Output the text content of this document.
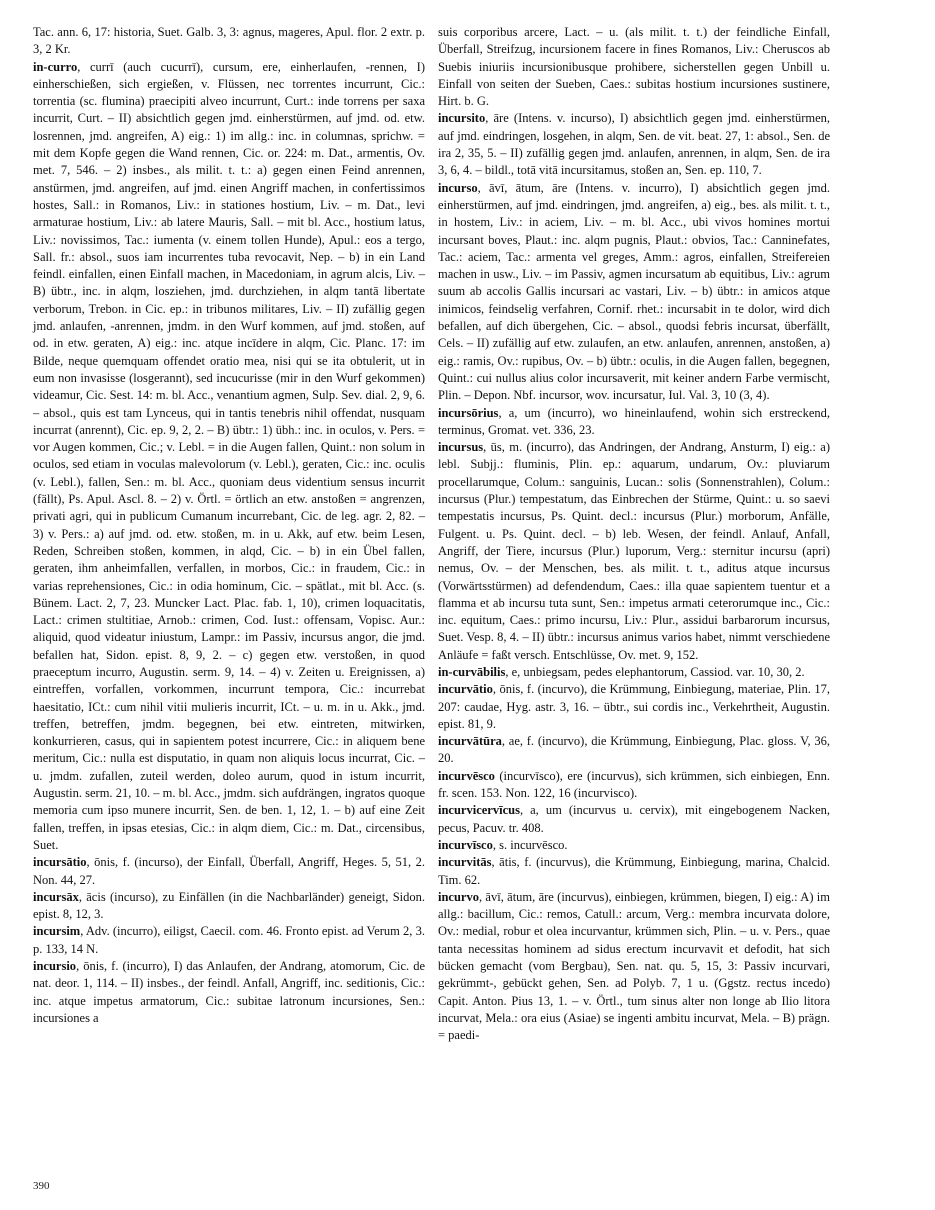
Tac. ann. 6, 17: historia, Suet. Galb. 3, 3: agnus, mageres, Apul. flor. 2 extr. p. 3, 2 Kr.

in-curro, currī (auch cucurrī), cursum, ere, einherlaufen, -rennen, I) einherschießen, sich ergießen, v. Flüssen, nec torrentes incurrunt, Cic.: torrentia (sc. flumina) praecipiti alveo incurrunt, Curt.: inde torrens per saxa incurrit, Curt. – II) absichtlich gegen jmd. einherstürmen, auf jmd. od. etw. losrennen, jmd. angreifen, A) eig.: 1) im allg.: inc. in columnas, sprichw. = mit dem Kopfe gegen die Wand rennen, Cic. or. 224: m. Dat., armentis, Ov. met. 7, 546. – 2) insbes., als milit. t. t.: a) gegen einen Feind anrennen, anstürmen, jmd. angreifen, auf jmd. einen Angriff machen, in confertissimos hostes, Sall.: in Romanos, Liv.: in stationes hostium, Liv. – m. Dat., levi armaturae hostium, Liv.: ab latere Mauris, Sall. – mit bl. Acc., hostium latus, Liv.: novissimos, Tac.: iumenta (v. einem tollen Hunde), Apul.: eos a tergo, Sall. fr.: absol., suos iam incurrentes tuba revocavit, Nep. – b) in ein Land feindl. einfallen, einen Einfall machen, in Macedoniam, in agrum alcis, Liv. – B) übtr., inc. in alqm, losziehen, jmd. durchziehen, in alqm tantā libertate verborum, Trebon. in Cic. ep.: in tribunos militares, Liv. – II) zufällig gegen jmd. anlaufen, -anrennen, jmdm. in den Wurf kommen, auf jmd. stoßen, auf od. in etw. geraten, A) eig.: inc. atque incīdere in alqm, Cic. Planc. 17: im Bilde, neque quemquam offendet oratio mea, nisi qui se ita obtulerit, ut in eum non invasisse (losgerannt), sed incucurisse (mir in den Wurf gekommen) videamur, Cic. Sest. 14: m. bl. Acc., venantium agmen, Sulp. Sev. dial. 2, 9, 6. – absol., quis est tam Lynceus, qui in tantis tenebris nihil offendat, nusquam incurrat (anrennt), Cic. ep. 9, 2, 2. – B) übtr.: 1) übh.: inc. in oculos, v. Pers. = vor Augen kommen, Cic.; v. Lebl. = in die Augen fallen, Quint.: non solum in oculos, sed etiam in voculas malevolorum (v. Lebl.), geraten, Cic.: inc. oculis (v. Lebl.), fallen, Sen.: m. bl. Acc., quoniam deus videntium sensus incurrit (fällt), Ps. Apul. Ascl. 8. – 2) v. Örtl. = örtlich an etw. anstoßen = angrenzen, privati agri, qui in publicum Cumanum incurrebant, Cic. de leg. agr. 2, 82. – 3) v. Pers.: a) auf jmd. od. etw. stoßen, m. in u. Akk, auf etw. beim Lesen, Reden, Schreiben stoßen, kommen, in alqd, Cic. – b) in ein Übel fallen, geraten, ihm anheimfallen, verfallen, in morbos, Cic.: in fraudem, Cic.: in varias reprehensiones, Cic.: in odia hominum, Cic. – spätlat., mit bl. Acc. (s. Bünem. Lact. 2, 7, 23. Muncker Lact. Plac. fab. 1, 10), crimen loquacitatis, Lact.: crimen stultitiae, Arnob.: crimen, Cod. Iust.: offensam, Vopisc. Aur.: aliquid, quod videatur iniustum, Lampr.: im Passiv, incursus angor, die jmd. befallen hat, Sidon. epist. 8, 9, 2. – c) gegen etw. verstoßen, in quod praeceptum incurro, Augustin. serm. 9, 14. – 4) v. Zeiten u. Ereignissen, a) eintreffen, vorfallen, vorkommen, incurrunt tempora, Cic.: incurrebat haesitatio, ICt.: cum nihil vitii mulieris incurrit, ICt. – u. m. in u. Akk., jmd. treffen, betreffen, jmdm. begegnen, bei etw. eintreten, mitwirken, konkurrieren, casus, qui in sapientem potest incurrere, Cic.: in aliquem bene meritum, Cic.: nulla est disputatio, in quam non aliquis locus incurrat, Cic. – u. jmdm. zufallen, zuteil werden, doleo aurum, quod in istum incurrit, Augustin. serm. 21, 10. – m. bl. Acc., jmdm. sich aufdrängen, ingratos quoque memoria cum ipso munere incurrit, Sen. de ben. 1, 12, 1. – b) auf eine Zeit fallen, treffen, in ipsas etesias, Cic.: in alqm diem, Cic.: m. Dat., circensibus, Suet.

incursātio, ōnis, f. (incurso), der Einfall, Überfall, Angriff, Heges. 5, 51, 2. Non. 44, 27.

incursāx, ācis (incurso), zu Einfällen (in die Nachbarländer) geneigt, Sidon. epist. 8, 12, 3.

incursim, Adv. (incurro), eiligst, Caecil. com. 46. Fronto epist. ad Verum 2, 3. p. 133, 14 N.

incursio, ōnis, f. (incurro), I) das Anlaufen, der Andrang, atomorum, Cic. de nat. deor. 1, 114. – II) insbes., der feindl. Anfall, Angriff, inc. seditionis, Cic.: inc. atque impetus armatorum, Cic.: subitae latronum incursiones, Sen.: incursiones a

suis corporibus arcere, Lact. – u. (als milit. t. t.) der feindliche Einfall, Überfall, Streifzug, incursionem facere in fines Romanos, Liv.: Cheruscos ab Suebis iniuriis incursionibusque prohibere, sicherstellen gegen Unbill u. Einfall von seiten der Sueben, Caes.: subitas hostium incursiones sustinere, Hirt. b. G.

incursito, āre (Intens. v. incurso), I) absichtlich gegen jmd. einherstürmen, auf jmd. eindringen, losgehen, in alqm, Sen. de vit. beat. 27, 1: absol., Sen. de ira 2, 35, 5. – II) zufällig gegen jmd. anlaufen, anrennen, in alqm, Sen. de ira 3, 6, 4. – bildl., totā vitā incursitamus, stoßen an, Sen. ep. 110, 7.

incurso, āvī, ātum, āre (Intens. v. incurro), I) absichtlich gegen jmd. einherstürmen, auf jmd. eindringen, jmd. angreifen, a) eig., bes. als milit. t. t., in hostem, Liv.: in aciem, Liv. – m. bl. Acc., ubi vivos homines mortui incursant boves, Plaut.: inc. alqm pugnis, Plaut.: obvios, Tac.: Canninefates, Tac.: aciem, Tac.: armenta vel greges, Amm.: agros, einfallen, Streifereien machen in usw., Liv. – im Passiv, agmen incursatum ab equitibus, Liv.: agrum suum ab accolis Gallis incursari ac vastari, Liv. – b) übtr.: in amicos atque inimicos, feindselig verfahren, Cornif. rhet.: incursabit in te dolor, wird dich befallen, auf dich übergehen, Cic. – absol., quodsi febris incursat, überfällt, Cels. – II) zufällig auf etw. zulaufen, an etw. anlaufen, anrennen, anstoßen, a) eig.: ramis, Ov.: rupibus, Ov. – b) übtr.: oculis, in die Augen fallen, begegnen, Quint.: cui nullus alius color incursaverit, mit keiner andern Farbe vermischt, Plin. – Depon. Nbf. incursor, wov. incursatur, Iul. Val. 3, 10 (3, 4).

incursōrius, a, um (incurro), wo hineinlaufend, wohin sich erstreckend, terminus, Gromat. vet. 336, 23.

incursus, ūs, m. (incurro), das Andringen, der Andrang, Ansturm, I) eig.: a) lebl. Subjj.: fluminis, Plin. ep.: aquarum, undarum, Ov.: pluviarum procellarumque, Colum.: sanguinis, Lucan.: solis (Sonnenstrahlen), Colum.: incursus (Plur.) tempestatum, das Einbrechen der Stürme, Quint.: u. so saevi tempestatis incursus, Ps. Quint. decl.: incursus (Plur.) morborum, Anfälle, Fulgent. u. Ps. Quint. decl. – b) leb. Wesen, der feindl. Anlauf, Anfall, Angriff, der Tiere, incursus (Plur.) luporum, Verg.: sternitur incursu (apri) nemus, Ov. – der Menschen, bes. als milit. t. t., aditus atque incursus (Vorwärtsstürmen) ad defendendum, Caes.: illa quae sapientem tuentur et a flamma et ab incursu tuta sunt, Sen.: impetus armati ceterorumque inc., Cic.: inc. equitum, Caes.: primo incursu, Liv.: Plur., assidui barbarorum incursus, Suet. Vesp. 8, 4. – II) übtr.: incursus animus varios habet, nimmt verschiedene Anläufe = faßt versch. Entschlüsse, Ov. met. 9, 152.

in-curvābilis, e, unbiegsam, pedes elephantorum, Cassiod. var. 10, 30, 2.

incurvātio, ōnis, f. (incurvo), die Krümmung, Einbiegung, materiae, Plin. 17, 207: caudae, Hyg. astr. 3, 16. – übtr., sui cordis inc., Verkehrtheit, Augustin. epist. 81, 9.

incurvātūra, ae, f. (incurvo), die Krümmung, Einbiegung, Plac. gloss. V, 36, 20.

incurvēsco (incurvīsco), ere (incurvus), sich krümmen, sich einbiegen, Enn. fr. scen. 153. Non. 122, 16 (incurvisco).

incurvicervīcus, a, um (incurvus u. cervix), mit eingebogenem Nacken, pecus, Pacuv. tr. 408.

incurvīsco, s. incurvēsco.

incurvitās, ātis, f. (incurvus), die Krümmung, Einbiegung, marina, Chalcid. Tim. 62.

incurvo, āvī, ātum, āre (incurvus), einbiegen, krümmen, biegen, I) eig.: A) im allg.: bacillum, Cic.: remos, Catull.: arcum, Verg.: membra incurvata dolore, Ov.: medial, robur et olea incurvantur, krümmen sich, Plin. – u. v. Pers., quae tanta necessitas hominem ad sidus erectum incurvavit et defodit, hat sich bücken gemacht (vom Bergbau), Sen. nat. qu. 5, 15, 3: Passiv incurvari, gekrümmt-, gebückt gehen, Sen. ad Polyb. 7, 1 u. (Ggstz. rectus incedo) Capit. Anton. Pius 13, 1. – v. Örtl., tum sinus alter non longe ab Ilio litora incurvat, Mela.: ora eius (Asiae) se ingenti ambitu incurvat, Mela. – B) prägn. = paedi-

390
